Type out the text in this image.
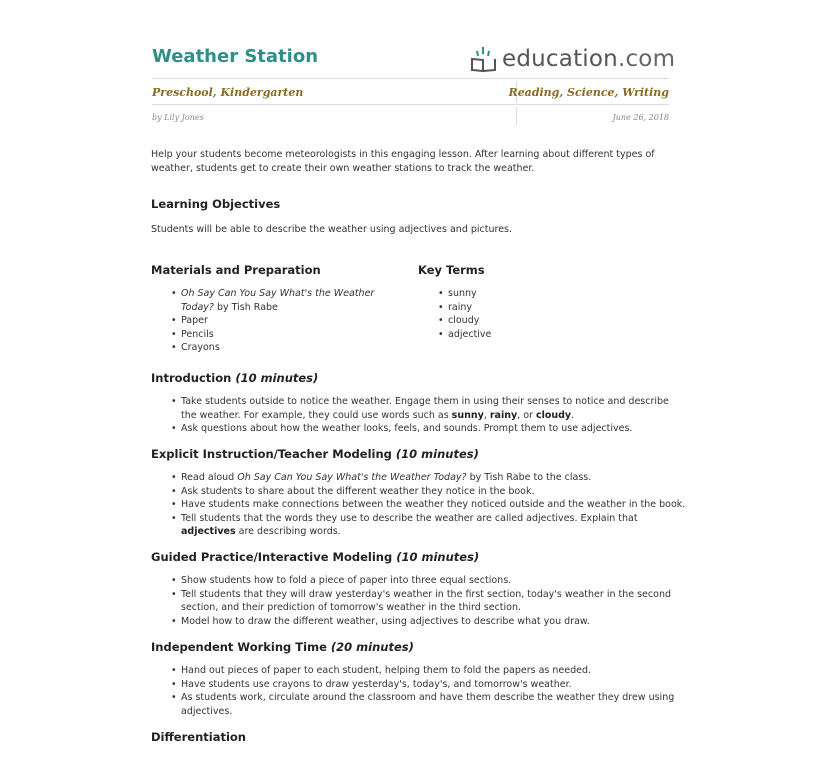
Weather Station	education.com
Preschool, Kindergarten	Reading, Science, Writing
by Lily Jones	June 26, 2018
Help your students become meteorologists in this engaging lesson. After learning about different types of
weather, students get to create their own weather stations to track the weather.
Learning Objectives
Students will be able to describe the weather using adjectives and pictures.
Materials and Preparation
• Oh Say Can You Say What's the Weather
Today? by Tish Rabe
• Paper
• Pencils
• Crayons
Key Terms
• sunny
• rainy
• cloudy
• adjective
Introduction (10 minutes)
• Take students outside to notice the weather. Engage them in using their senses to notice and describe
the weather. For example, they could use words such as sunny, rainy, or cloudy.
• Ask questions about how the weather looks, feels, and sounds. Prompt them to use adjectives.
Explicit Instruction/Teacher Modeling (10 minutes)
• Read aloud Oh Say Can You Say What's the Weather Today? by Tish Rabe to the class.
• Ask students to share about the different weather they notice in the book.
• Have students make connections between the weather they noticed outside and the weather in the book.
• Tell students that the words they use to describe the weather are called adjectives. Explain that
adjectives are describing words.
Guided Practice/Interactive Modeling (10 minutes)
• Show students how to fold a piece of paper into three equal sections.
• Tell students that they will draw yesterday's weather in the first section, today's weather in the second
section, and their prediction of tomorrow's weather in the third section.
• Model how to draw the different weather, using adjectives to describe what you draw.
Independent Working Time (20 minutes)
• Hand out pieces of paper to each student, helping them to fold the papers as needed.
• Have students use crayons to draw yesterday's, today's, and tomorrow's weather.
• As students work, circulate around the classroom and have them describe the weather they drew using
adjectives.
Differentiation
